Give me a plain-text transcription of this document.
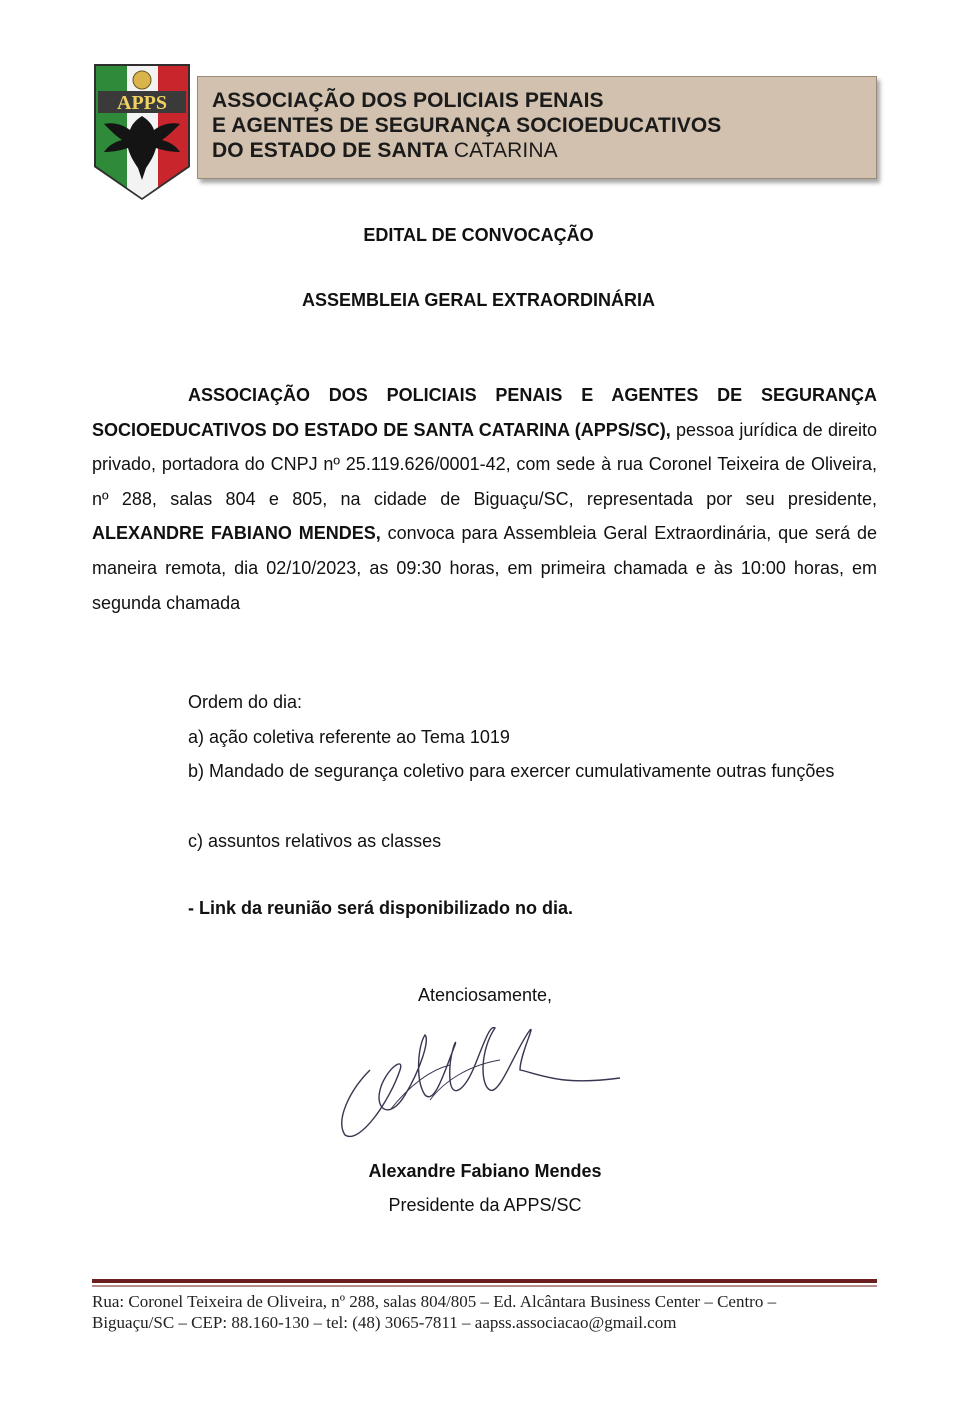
APPS ASSOCIAÇÃO DOS POLICIAIS PENAIS
E AGENTES DE SEGURANÇA SOCIOEDUCATIVOS
DO ESTADO DE SANTA CATARINA
EDITAL DE CONVOCAÇÃO
ASSEMBLEIA GERAL EXTRAORDINÁRIA
ASSOCIAÇÃO DOS POLICIAIS PENAIS E AGENTES DE SEGURANÇA SOCIOEDUCATIVOS DO ESTADO DE SANTA CATARINA (APPS/SC), pessoa jurídica de direito privado, portadora do CNPJ nº 25.119.626/0001-42, com sede à rua Coronel Teixeira de Oliveira, nº 288, salas 804 e 805, na cidade de Biguaçu/SC, representada por seu presidente, ALEXANDRE FABIANO MENDES, convoca para Assembleia Geral Extraordinária, que será de maneira remota, dia 02/10/2023, as 09:30 horas, em primeira chamada e às 10:00 horas, em segunda chamada
Ordem do dia:
a) ação coletiva referente ao Tema 1019
b) Mandado de segurança coletivo para exercer cumulativamente outras funções
c) assuntos relativos as classes
- Link da reunião será disponibilizado no dia.
Atenciosamente,
Alexandre Fabiano Mendes
Presidente da APPS/SC
Rua: Coronel Teixeira de Oliveira, nº 288, salas 804/805 – Ed. Alcântara Business Center – Centro –
Biguaçu/SC – CEP: 88.160-130 – tel: (48) 3065-7811 – aapss.associacao@gmail.com
